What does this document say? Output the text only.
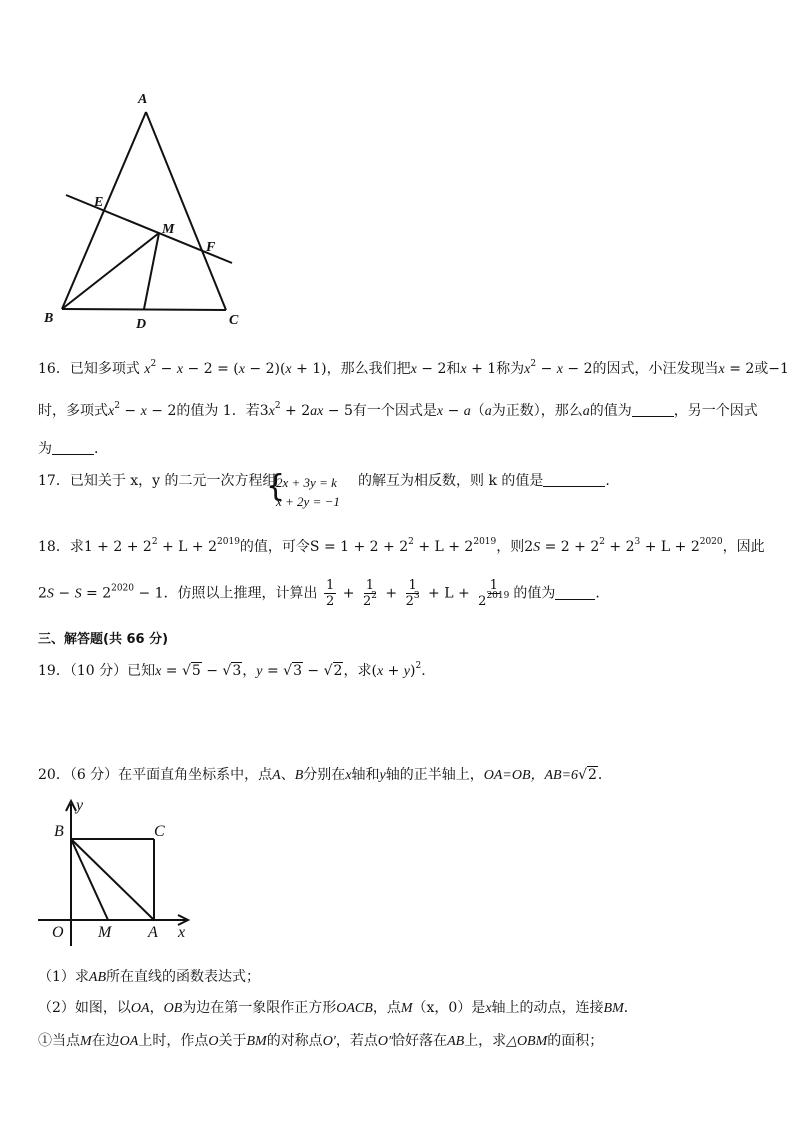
A
E
M
F
B	D	C
16．已知多项式 $x^2 - x - 2 = (x - 2)(x + 1)$，那么我们把x − 2和x + 1称为$x^2 - x - 2$的因式，小汪发现当x = 2或−1
时，多项式$x^2 - x - 2$的值为 1．若$3x^2 + 2ax - 5$有一个因式是x − a（a为正数），那么a的值为	，另一个因式
为	.
17．已知关于 x，y 的二元一次方程组
{
2x + 3y = k
x + 2y = −1
的解互为相反数，则 k 的值是	.
18．求$1 + 2 + 2^2 + L + 2^{2019}$的值，可令$S = 1 + 2 + 2^2 + L + 2^{2019}$，则$2S = 2 + 2^2 + 2^3 + L + 2^{2020}$，因此
$2S - S = 2^{2020} - 1$．仿照以上推理，计算出 $\frac{1}{2} + \frac{1}{2^2} + \frac{1}{2^3} + L + \frac{1}{2^{2019}}$ 的值为	.
三、解答题(共 66 分)
19．（10 分）已知x = √5 − √3，y = √3 − √2，求$(x + y)^2$.
20．（6 分）在平面直角坐标系中，点A、B分别在x轴和y轴的正半轴上，OA=OB，AB=6√2．
y
B	C
O M A x
（1）求AB所在直线的函数表达式；
（2）如图，以OA，OB为边在第一象限作正方形OACB，点M（x，0）是x轴上的动点，连接BM．
①当点M在边OA上时，作点O关于BM的对称点O′，若点O′恰好落在AB上，求△OBM的面积；
